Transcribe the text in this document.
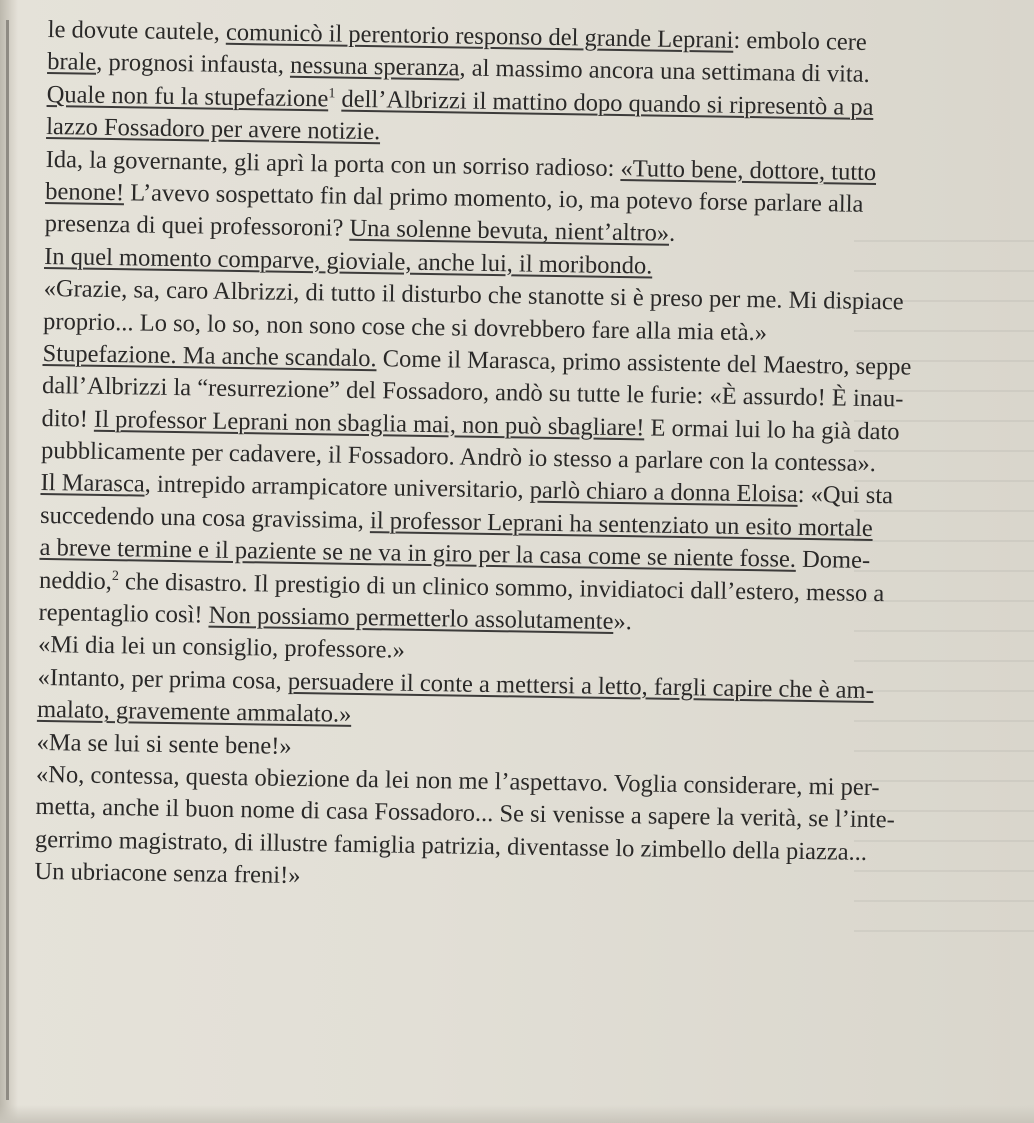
le dovute cautele, comunicò il perentorio responso del grande Leprani: embolo cere
brale, prognosi infausta, nessuna speranza, al massimo ancora una settimana di vita.
Quale non fu la stupefazione$^1$ dell’Albrizzi il mattino dopo quando si ripresentò a pa
lazzo Fossadoro per avere notizie.
Ida, la governante, gli aprì la porta con un sorriso radioso: «Tutto bene, dottore, tutto
benone! L’avevo sospettato fin dal primo momento, io, ma potevo forse parlare alla
presenza di quei professoroni? Una solenne bevuta, nient’altro».
In quel momento comparve, gioviale, anche lui, il moribondo.
«Grazie, sa, caro Albrizzi, di tutto il disturbo che stanotte si è preso per me. Mi dispiace
proprio... Lo so, lo so, non sono cose che si dovrebbero fare alla mia età.»
Stupefazione. Ma anche scandalo. Come il Marasca, primo assistente del Maestro, seppe
dall’Albrizzi la “resurrezione” del Fossadoro, andò su tutte le furie: «È assurdo! È inau-
dito! Il professor Leprani non sbaglia mai, non può sbagliare! E ormai lui lo ha già dato
pubblicamente per cadavere, il Fossadoro. Andrò io stesso a parlare con la contessa».
Il Marasca, intrepido arrampicatore universitario, parlò chiaro a donna Eloisa: «Qui sta
succedendo una cosa gravissima, il professor Leprani ha sentenziato un esito mortale
a breve termine e il paziente se ne va in giro per la casa come se niente fosse. Dome-
neddio,$^2$ che disastro. Il prestigio di un clinico sommo, invidiatoci dall’estero, messo a
repentaglio così! Non possiamo permetterlo assolutamente».
«Mi dia lei un consiglio, professore.»
«Intanto, per prima cosa, persuadere il conte a mettersi a letto, fargli capire che è am-
malato, gravemente ammalato.»
«Ma se lui si sente bene!»
«No, contessa, questa obiezione da lei non me l’aspettavo. Voglia considerare, mi per-
metta, anche il buon nome di casa Fossadoro... Se si venisse a sapere la verità, se l’inte-
gerrimo magistrato, di illustre famiglia patrizia, diventasse lo zimbello della piazza...
Un ubriacone senza freni!»
